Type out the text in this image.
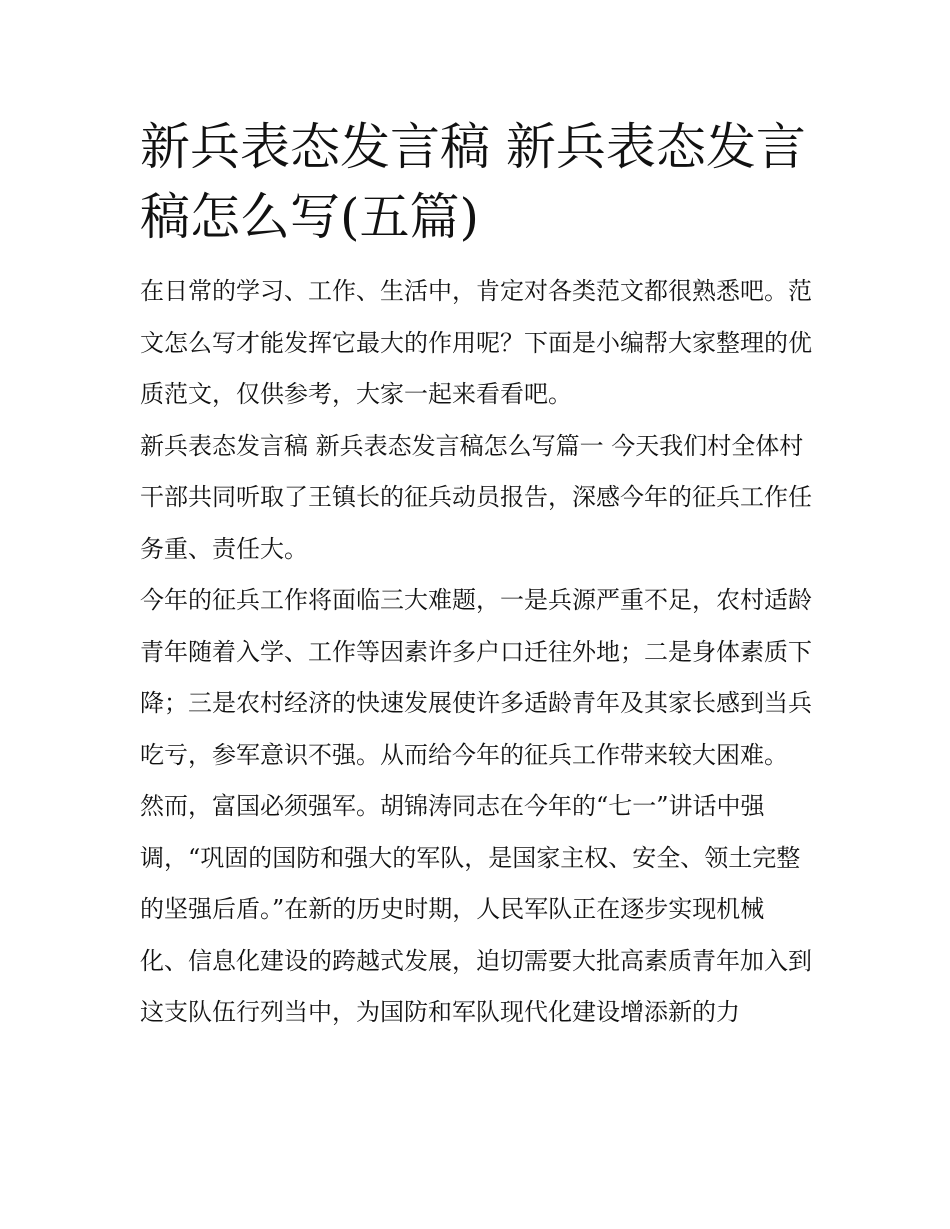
新兵表态发言稿 新兵表态发言稿怎么写(五篇)

在日常的学习、工作、生活中，肯定对各类范文都很熟悉吧。范文怎么写才能发挥它最大的作用呢？下面是小编帮大家整理的优质范文，仅供参考，大家一起来看看吧。

新兵表态发言稿 新兵表态发言稿怎么写篇一 今天我们村全体村干部共同听取了王镇长的征兵动员报告，深感今年的征兵工作任务重、责任大。

今年的征兵工作将面临三大难题，一是兵源严重不足，农村适龄青年随着入学、工作等因素许多户口迁往外地；二是身体素质下降；三是农村经济的快速发展使许多适龄青年及其家长感到当兵吃亏，参军意识不强。从而给今年的征兵工作带来较大困难。

然而，富国必须强军。胡锦涛同志在今年的“七一”讲话中强调，“巩固的国防和强大的军队，是国家主权、安全、领土完整的坚强后盾。”在新的历史时期，人民军队正在逐步实现机械化、信息化建设的跨越式发展，迫切需要大批高素质青年加入到这支队伍行列当中，为国防和军队现代化建设增添新的力
